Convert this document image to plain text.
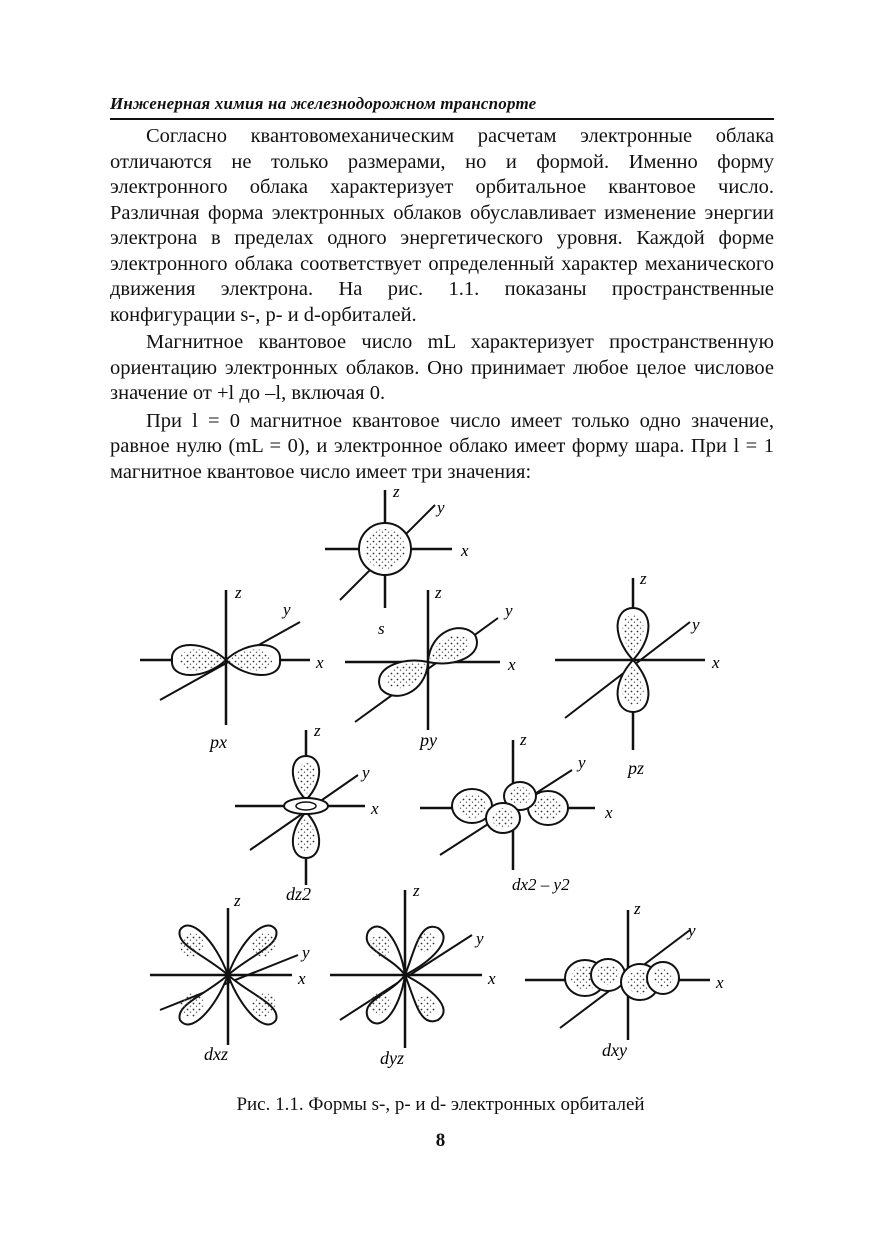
Инженерная химия на железнодорожном транспорте

Согласно квантовомеханическим расчетам электронные облака отличаются не только размерами, но и формой. Именно форму электронного облака характеризует орбитальное квантовое число. Различная форма электронных облаков обуславливает изменение энергии электрона в пределах одного энергетического уровня. Каждой форме электронного облака соответствует определенный характер механического движения электрона. На рис. 1.1. показаны пространственные конфигурации s-, p- и d-орбиталей.

Магнитное квантовое число mL характеризует пространственную ориентацию электронных облаков. Оно принимает любое целое числовое значение от +l до –l, включая 0.

При l = 0 магнитное квантовое число имеет только одно значение, равное нулю (mL = 0), и электронное облако имеет форму шара. При l = 1 магнитное квантовое число имеет три значения:

z
y
x
s
z
y
x
px
z
y
x
py
z
y
x
pz
z
y
x
dz2
z
y
x
dx2 – y2
z
y
x
dxz
z
y
x
dyz
z
y
x
dxy
Рис. 1.1. Формы s-, p- и d- электронных орбиталей
8
